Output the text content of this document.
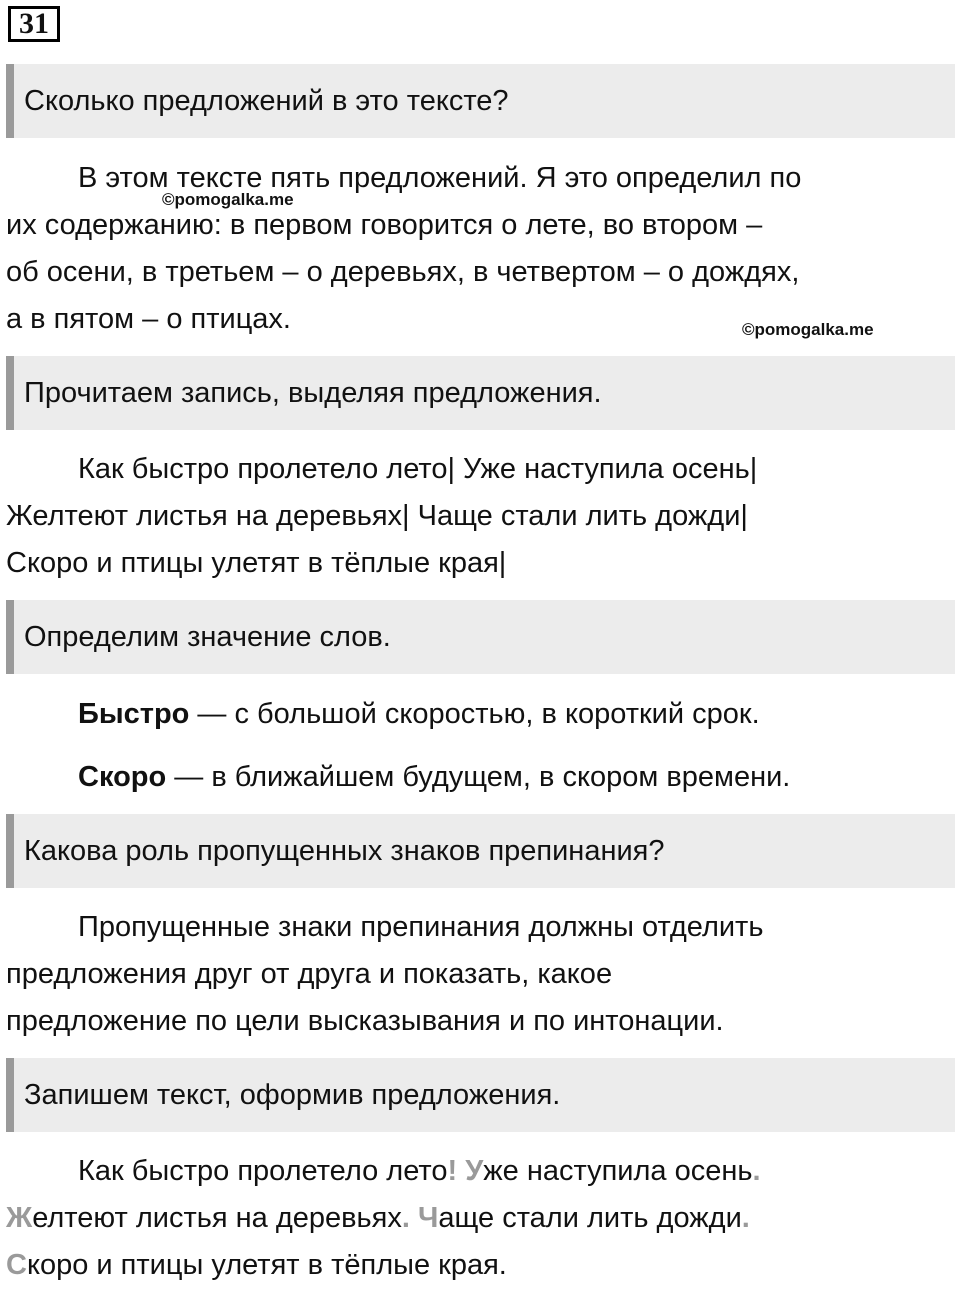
31
Сколько предложений в это тексте?
В этом тексте пять предложений. Я это определил по
их содержанию: в первом говорится о лете, во втором –
об осени, в третьем – о деревьях, в четвертом – о дождях,
а в пятом – о птицах.
©pomogalka.me
©pomogalka.me
Прочитаем запись, выделяя предложения.
Как быстро пролетело лето| Уже наступила осень|
Желтеют листья на деревьях| Чаще стали лить дожди|
Скоро и птицы улетят в тёплые края|
Определим значение слов.
Быстро — с большой скоростью, в короткий срок.
Скоро — в ближайшем будущем, в скором времени.
Какова роль пропущенных знаков препинания?
Пропущенные знаки препинания должны отделить
предложения друг от друга и показать, какое
предложение по цели высказывания и по интонации.
Запишем текст, оформив предложения.
Как быстро пролетело лето! Уже наступила осень.
Желтеют листья на деревьях. Чаще стали лить дожди.
Скоро и птицы улетят в тёплые края.
